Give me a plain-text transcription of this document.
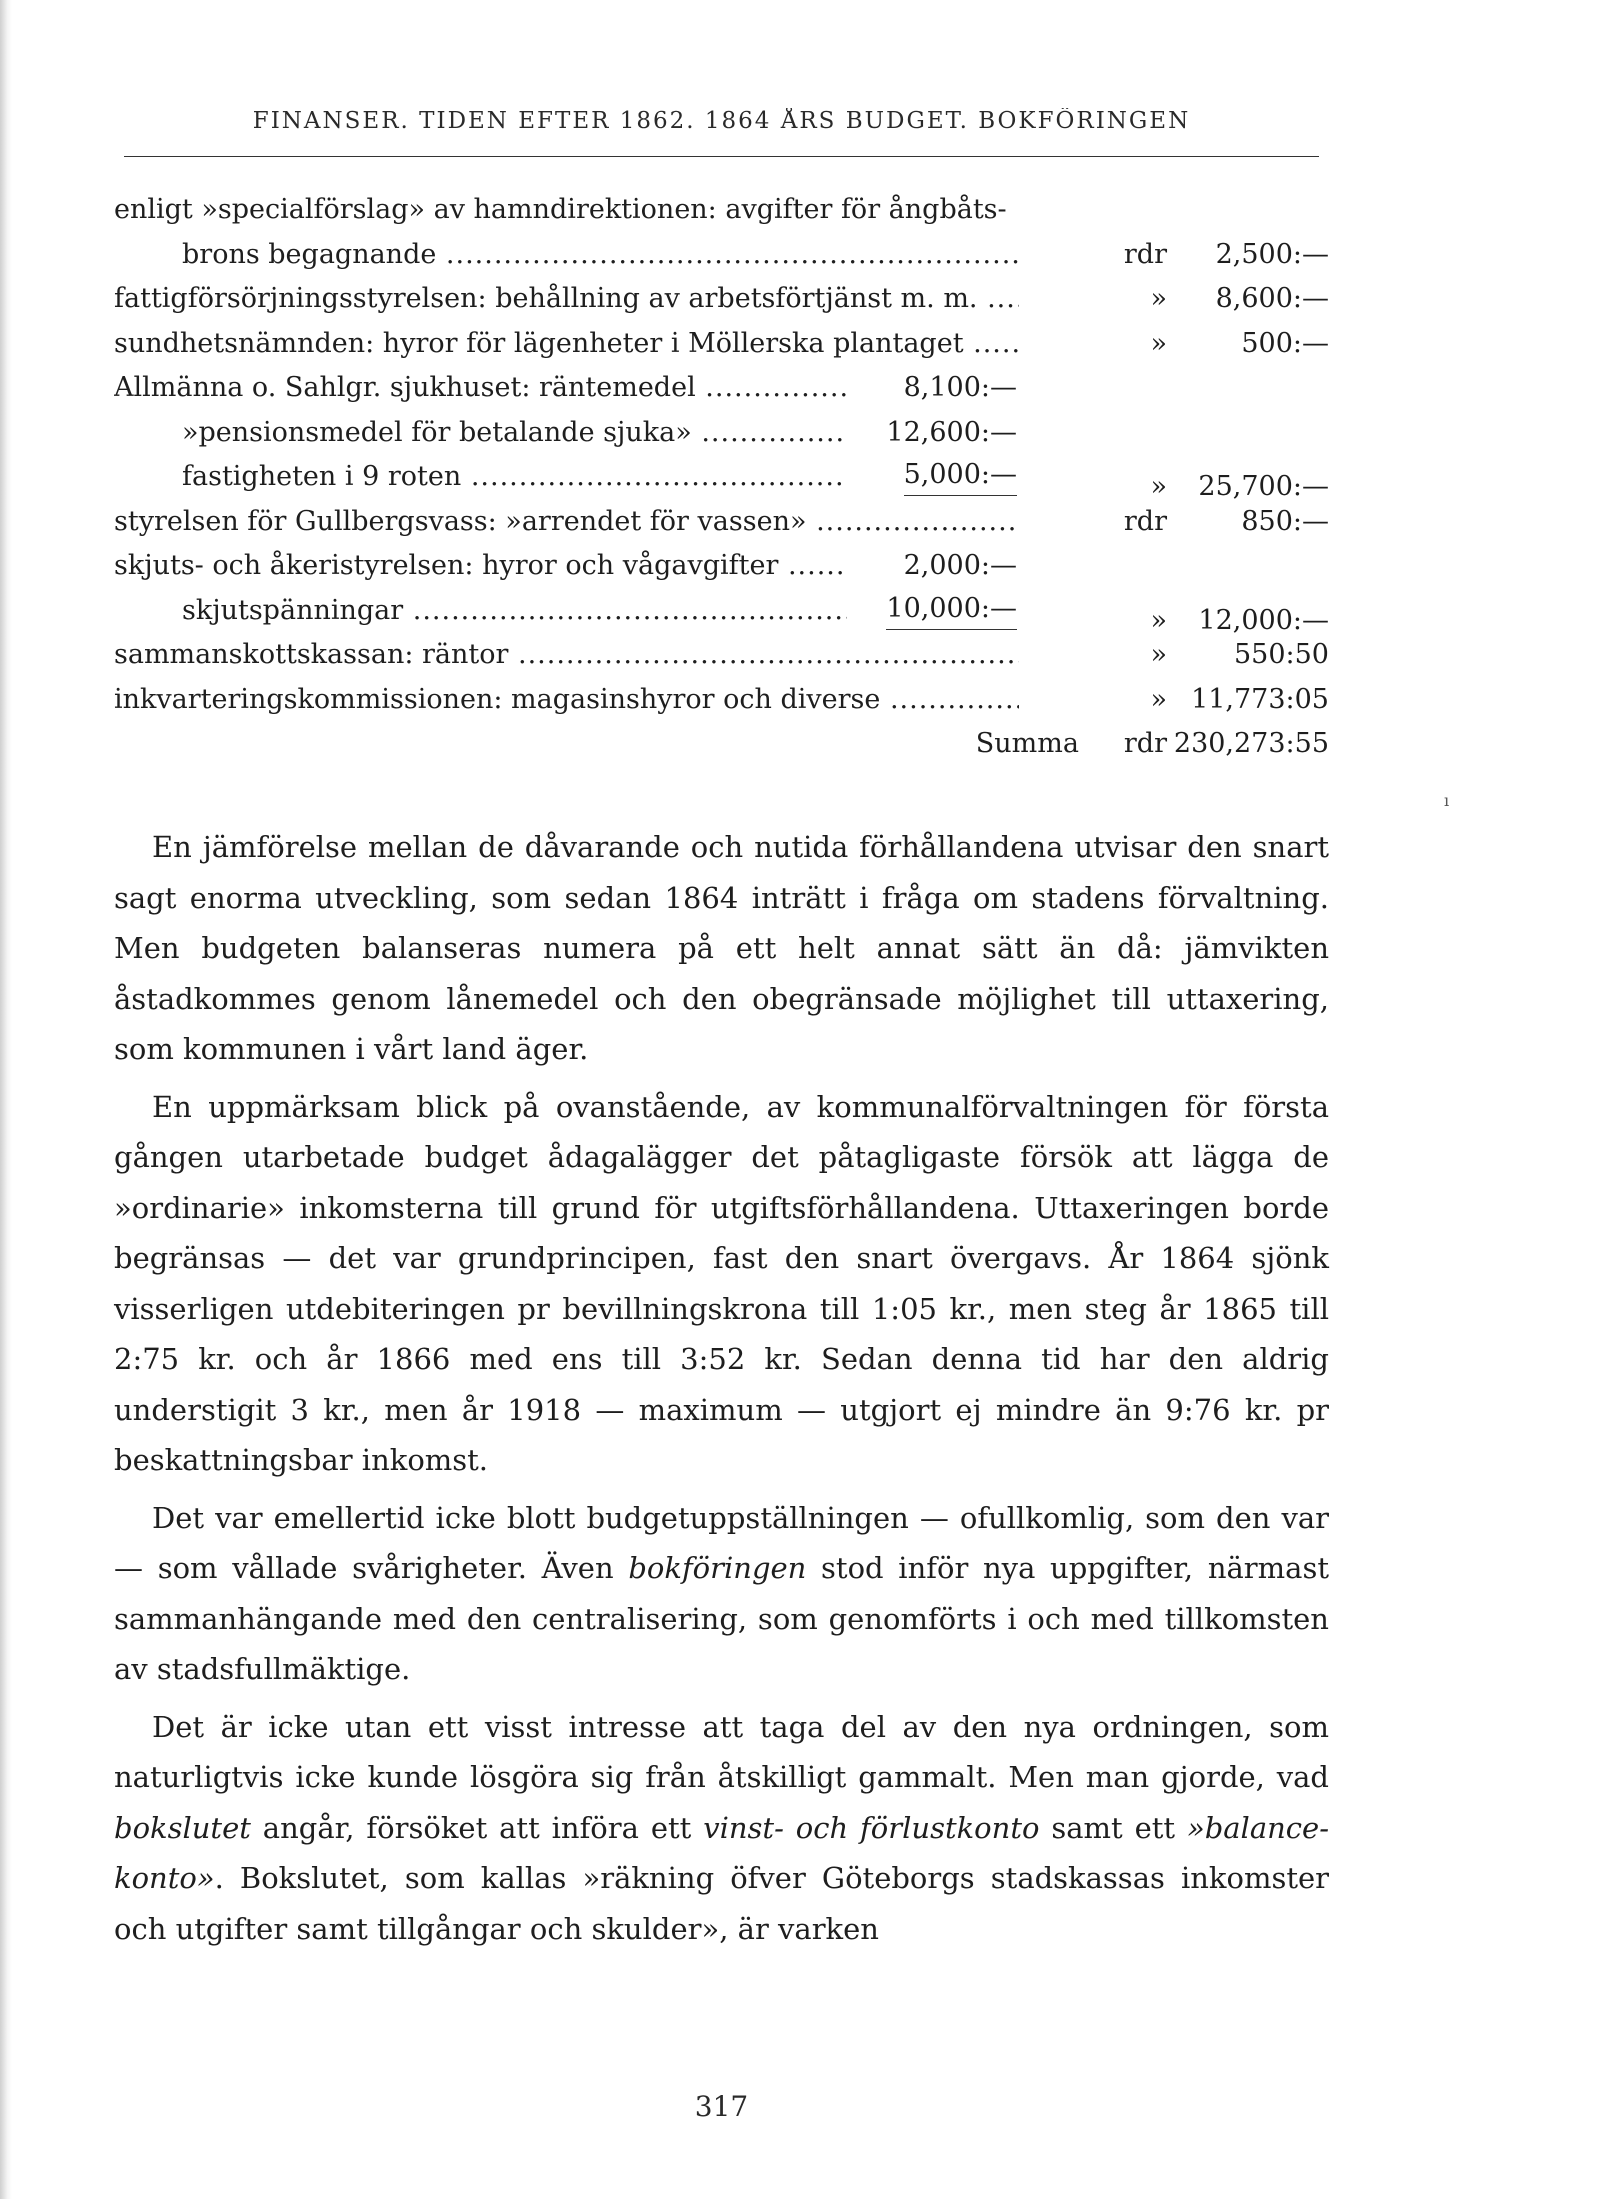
ı
FINANSER. TIDEN EFTER 1862. 1864 ÅRS BUDGET. BOKFÖRINGEN
enligt »specialförslag» av hamndirektionen: avgifter för ångbåts-
brons begagnande .....	rdr 2,500:—
fattigförsörjningsstyrelsen: behållning av arbetsförtjänst m. m. .....	» 8,600:—
sundhetsnämnden: hyror för lägenheter i Möllerska plantaget .....	»	500:—
Allmänna o. Sahlgr. sjukhuset: räntemedel .....	8,100:—
»pensionsmedel för betalande sjuka» .....	12,600:—
fastigheten i 9 roten .....	5,000:—	» 25,700:—
styrelsen för Gullbergsvass: »arrendet för vassen» .....	rdr	850:—
skjuts- och åkeristyrelsen: hyror och vågavgifter .....	2,000:—
skjutspänningar .....	10,000:—	» 12,000:—
sammanskottskassan: räntor .....	» 550:50
inkvarteringskommissionen: magasinshyror och diverse .....	» 11,773:05
Summa rdr 230,273:55

En jämförelse mellan de dåvarande och nutida förhållandena utvisar den snart sagt enorma utveckling, som sedan 1864 inträtt i fråga om stadens förvaltning. Men budgeten balanseras numera på ett helt annat sätt än då: jämvikten åstadkommes genom lånemedel och den obegränsade möjlighet till uttaxering, som kommunen i vårt land äger.

En uppmärksam blick på ovanstående, av kommunalförvaltningen för första gången utarbetade budget ådagalägger det påtagligaste försök att lägga de »ordinarie» inkomsterna till grund för utgiftsförhållandena. Uttaxeringen borde begränsas — det var grundprincipen, fast den snart övergavs. År 1864 sjönk visserligen utdebiteringen pr bevillningskrona till 1:05 kr., men steg år 1865 till 2:75 kr. och år 1866 med ens till 3:52 kr. Sedan denna tid har den aldrig understigit 3 kr., men år 1918 — maximum — utgjort ej mindre än 9:76 kr. pr beskattningsbar inkomst.

Det var emellertid icke blott budgetuppställningen — ofullkomlig, som den var — som vållade svårigheter. Även bokföringen stod inför nya uppgifter, närmast sammanhängande med den centralisering, som genomförts i och med tillkomsten av stadsfullmäktige.

Det är icke utan ett visst intresse att taga del av den nya ordningen, som naturligtvis icke kunde lösgöra sig från åtskilligt gammalt. Men man gjorde, vad bokslutet angår, försöket att införa ett vinst- och förlustkonto samt ett »balance-konto». Bokslutet, som kallas »räkning öfver Göteborgs stadskassas inkomster och utgifter samt tillgångar och skulder», är varken

317
